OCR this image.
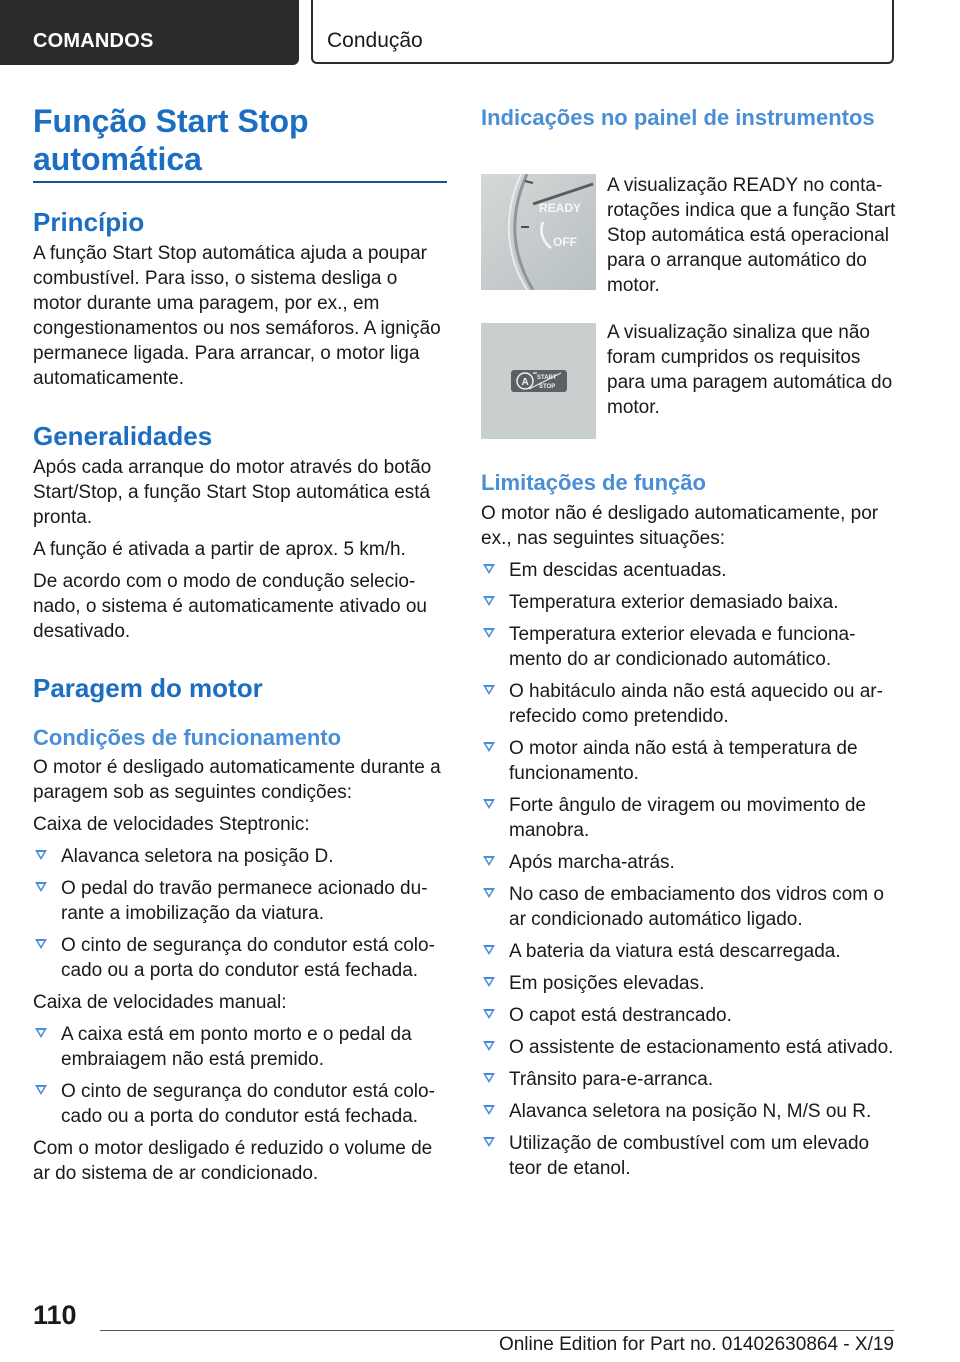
COMANDOS	Condução
Função Start Stop automática
Princípio

A função Start Stop automática ajuda a poupar combustível. Para isso, o sistema desliga o motor durante uma paragem, por ex., em congestionamentos ou nos semáforos. A ignição permanece ligada. Para arrancar, o motor liga automaticamente.

Generalidades

Após cada arranque do motor através do botão Start/Stop, a função Start Stop automática está pronta.

A função é ativada a partir de aprox. 5 km/h.

De acordo com o modo de condução selecionado, o sistema é automaticamente ativado ou desativado.

Paragem do motor
Condições de funcionamento

O motor é desligado automaticamente durante a paragem sob as seguintes condições:

Caixa de velocidades Steptronic:

Alavanca seletora na posição D.
O pedal do travão permanece acionado durante a imobilização da viatura.
O cinto de segurança do condutor está colocado ou a porta do condutor está fechada.

Caixa de velocidades manual:

A caixa está em ponto morto e o pedal da embraiagem não está premido.
O cinto de segurança do condutor está colocado ou a porta do condutor está fechada.

Com o motor desligado é reduzido o volume de ar do sistema de ar condicionado.

Indicações no painel de instrumentos
READY
OFF

A visualização READY no conta-rotações indica que a função Start Stop automática está operacional para o arranque automático do motor.

A START
STOP

A visualização sinaliza que não foram cumpridos os requisitos para uma paragem automática do motor.

Limitações de função

O motor não é desligado automaticamente, por ex., nas seguintes situações:

Em descidas acentuadas.
Temperatura exterior demasiado baixa.
Temperatura exterior elevada e funcionamento do ar condicionado automático.
O habitáculo ainda não está aquecido ou arrefecido como pretendido.
O motor ainda não está à temperatura de funcionamento.
Forte ângulo de viragem ou movimento de manobra.
Após marcha-atrás.
No caso de embaciamento dos vidros com o ar condicionado automático ligado.
A bateria da viatura está descarregada.
Em posições elevadas.
O capot está destrancado.
O assistente de estacionamento está ativado.
Trânsito para-e-arranca.
Alavanca seletora na posição N, M/S ou R.
Utilização de combustível com um elevado teor de etanol.
110
Online Edition for Part no. 01402630864 - X/19
